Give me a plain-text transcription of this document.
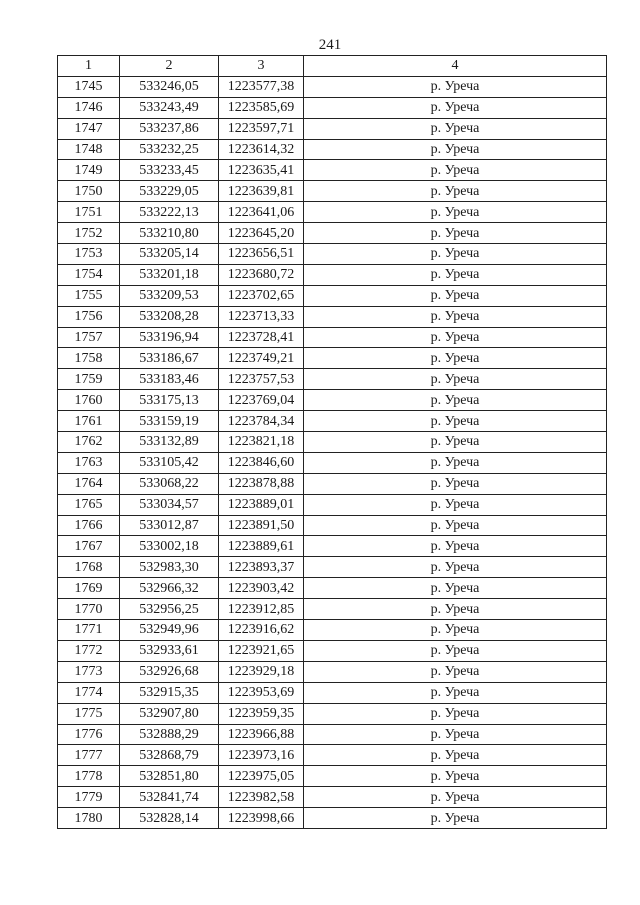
241
1	2	3	4
1745	533246,05	1223577,38	р. Уреча
1746	533243,49	1223585,69	р. Уреча
1747	533237,86	1223597,71	р. Уреча
1748	533232,25	1223614,32	р. Уреча
1749	533233,45	1223635,41	р. Уреча
1750	533229,05	1223639,81	р. Уреча
1751	533222,13	1223641,06	р. Уреча
1752	533210,80	1223645,20	р. Уреча
1753	533205,14	1223656,51	р. Уреча
1754	533201,18	1223680,72	р. Уреча
1755	533209,53	1223702,65	р. Уреча
1756	533208,28	1223713,33	р. Уреча
1757	533196,94	1223728,41	р. Уреча
1758	533186,67	1223749,21	р. Уреча
1759	533183,46	1223757,53	р. Уреча
1760	533175,13	1223769,04	р. Уреча
1761	533159,19	1223784,34	р. Уреча
1762	533132,89	1223821,18	р. Уреча
1763	533105,42	1223846,60	р. Уреча
1764	533068,22	1223878,88	р. Уреча
1765	533034,57	1223889,01	р. Уреча
1766	533012,87	1223891,50	р. Уреча
1767	533002,18	1223889,61	р. Уреча
1768	532983,30	1223893,37	р. Уреча
1769	532966,32	1223903,42	р. Уреча
1770	532956,25	1223912,85	р. Уреча
1771	532949,96	1223916,62	р. Уреча
1772	532933,61	1223921,65	р. Уреча
1773	532926,68	1223929,18	р. Уреча
1774	532915,35	1223953,69	р. Уреча
1775	532907,80	1223959,35	р. Уреча
1776	532888,29	1223966,88	р. Уреча
1777	532868,79	1223973,16	р. Уреча
1778	532851,80	1223975,05	р. Уреча
1779	532841,74	1223982,58	р. Уреча
1780	532828,14	1223998,66	р. Уреча
